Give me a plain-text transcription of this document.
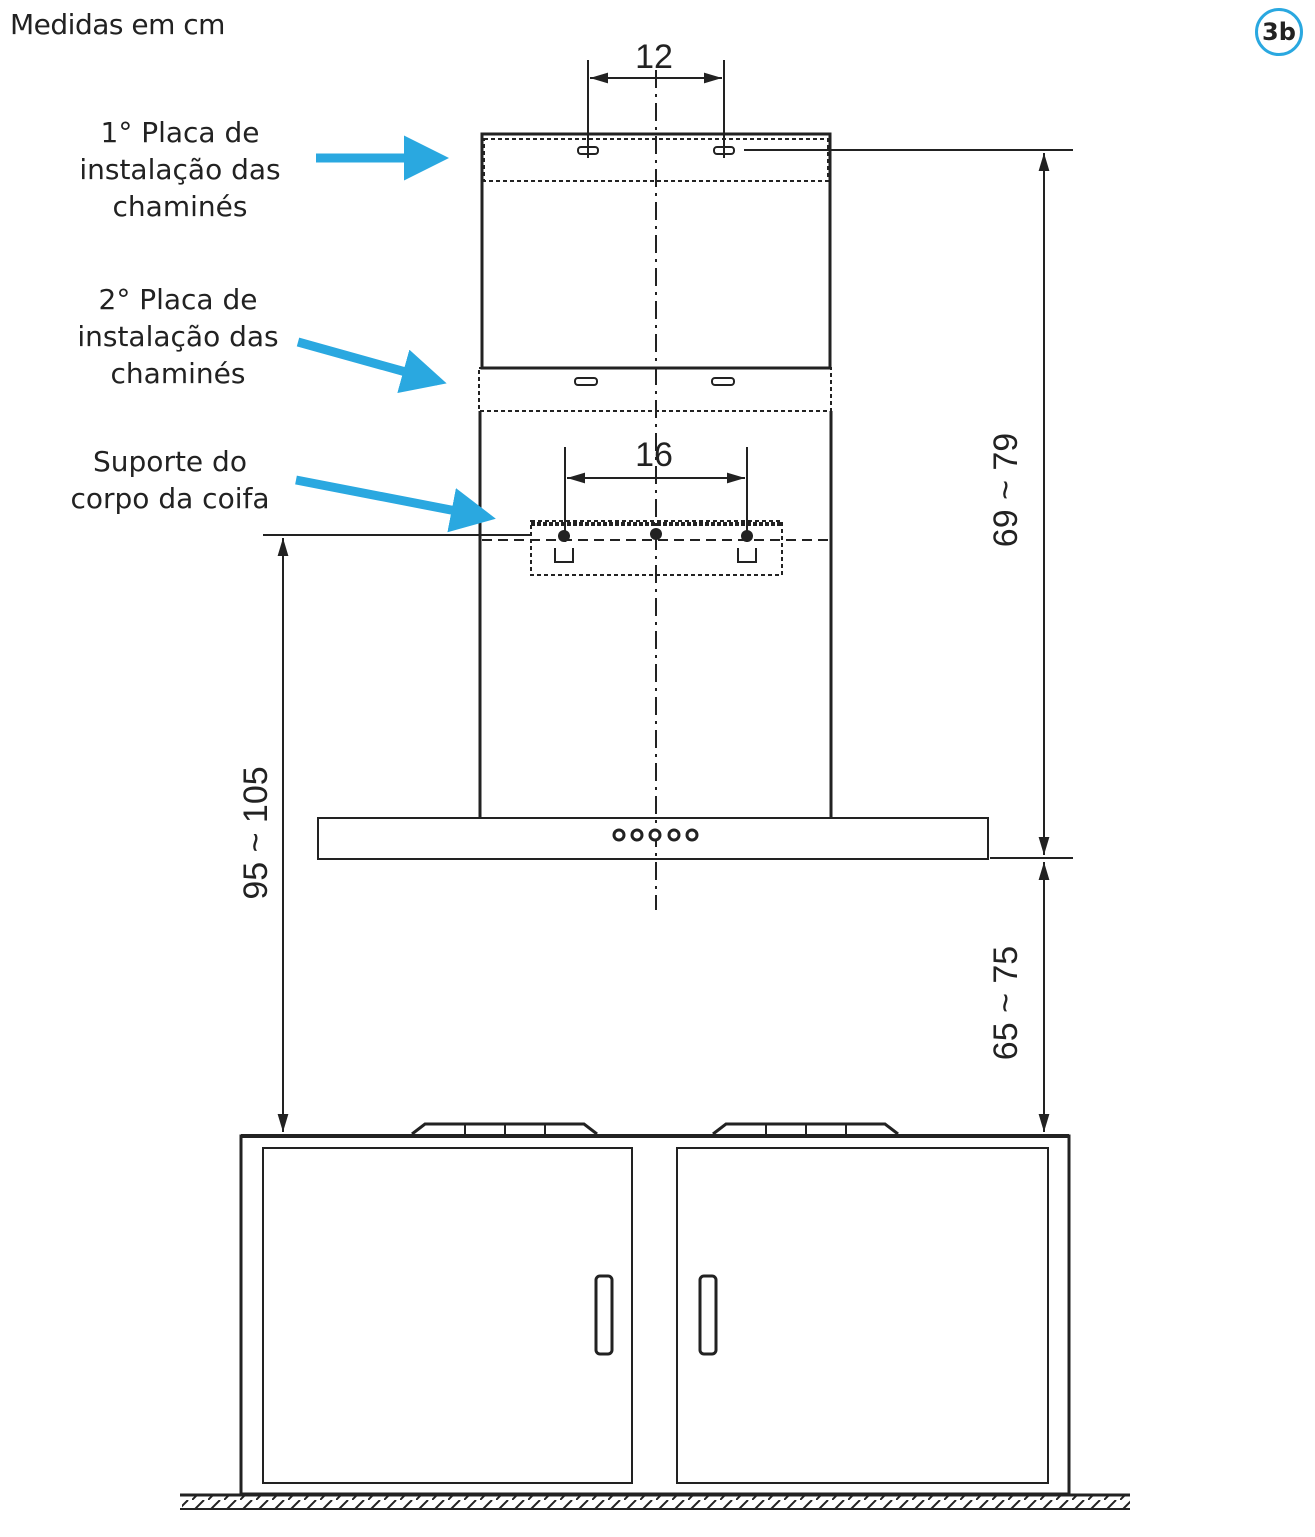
Medidas em cm	3b
1° Placa de
instalação das
chaminés
2° Placa de
instalação das
chaminés
Suporte do
corpo da coifa
12
16	69 ~ 79
65 ~ 75
95 ~ 105
